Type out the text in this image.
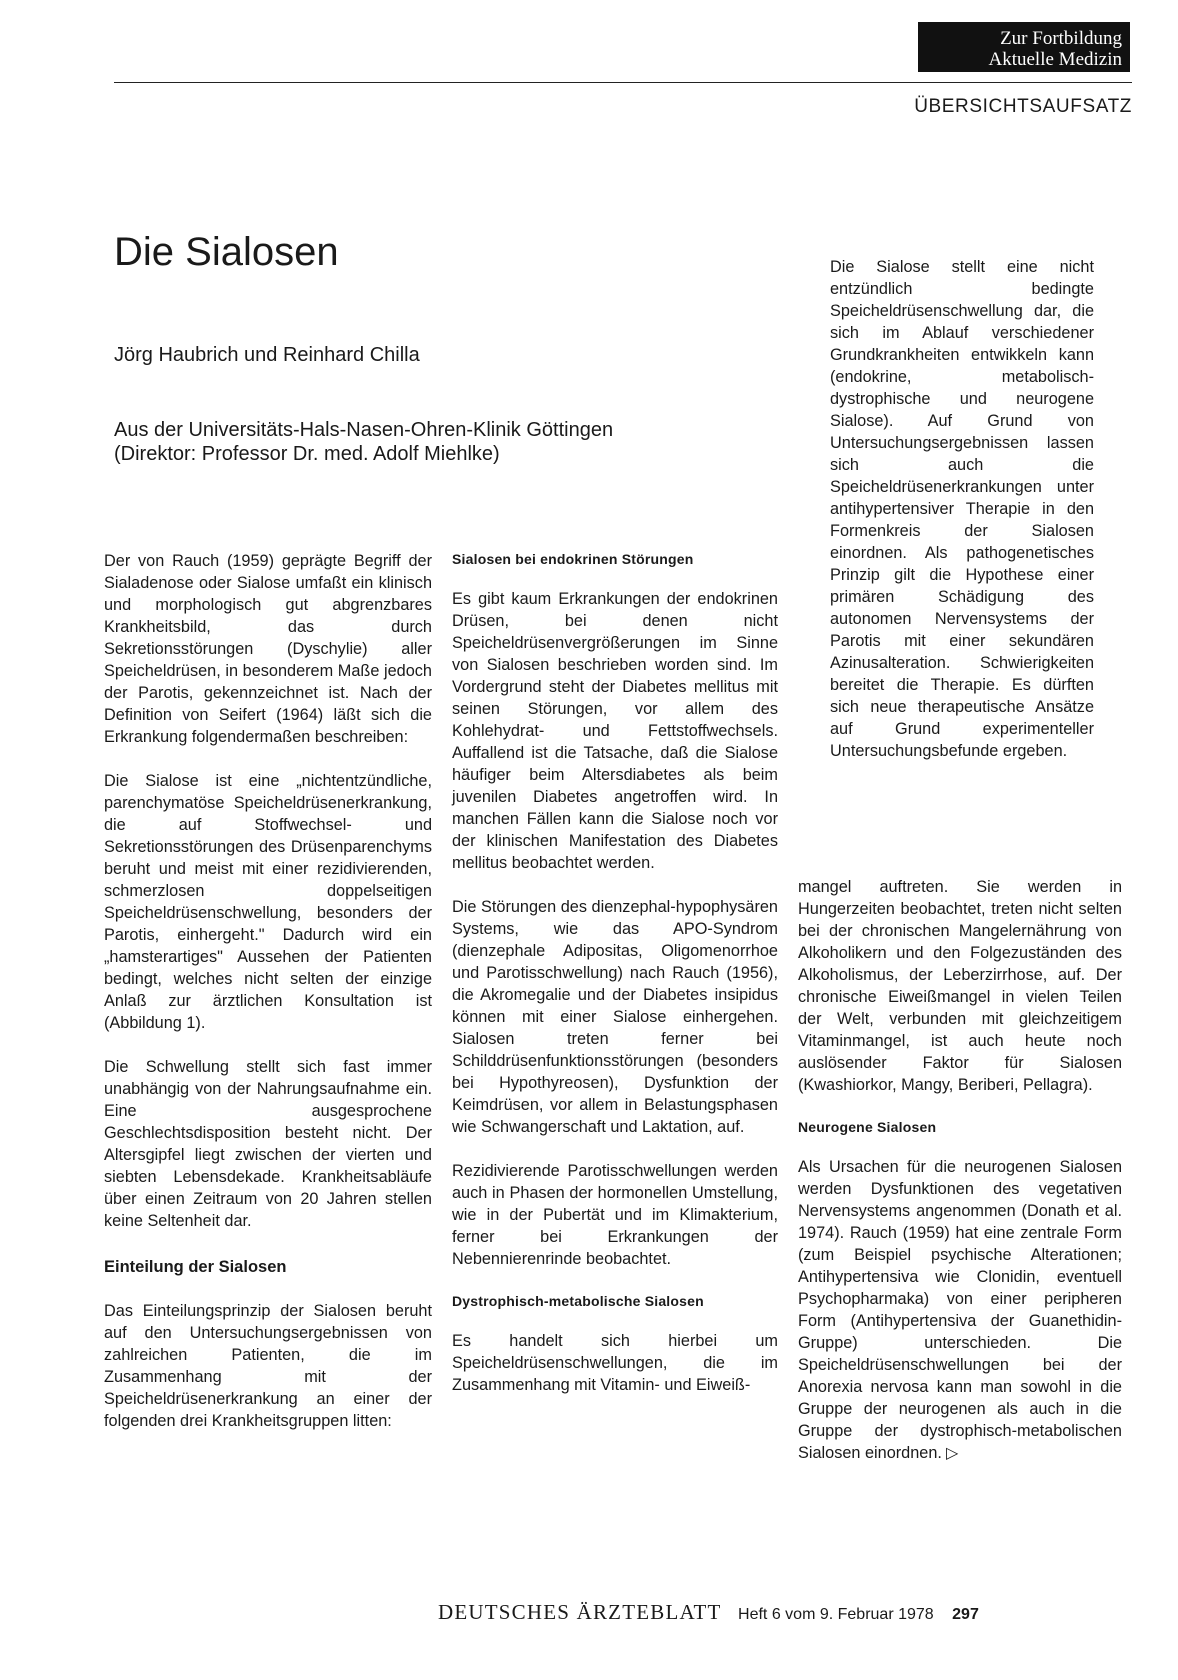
Zur Fortbildung
Aktuelle Medizin
ÜBERSICHTSAUFSATZ
Die Sialosen
Jörg Haubrich und Reinhard Chilla
Aus der Universitäts-Hals-Nasen-Ohren-Klinik Göttingen
(Direktor: Professor Dr. med. Adolf Miehlke)

Die Sialose stellt eine nicht entzündlich bedingte Speicheldrüsenschwellung dar, die sich im Ablauf verschiedener Grundkrankheiten entwikkeln kann (endokrine, metabolisch-dystrophische und neurogene Sialose). Auf Grund von Untersuchungsergebnissen lassen sich auch die Speicheldrüsenerkrankungen unter antihypertensiver Therapie in den Formenkreis der Sialosen einordnen. Als pathogenetisches Prinzip gilt die Hypothese einer primären Schädigung des autonomen Nervensystems der Parotis mit einer sekundären Azinusalteration. Schwierigkeiten bereitet die Therapie. Es dürften sich neue therapeutische Ansätze auf Grund experimenteller Untersuchungsbefunde ergeben.

Der von Rauch (1959) geprägte Begriff der Sialadenose oder Sialose umfaßt ein klinisch und morphologisch gut abgrenzbares Krankheitsbild, das durch Sekretionsstörungen (Dyschylie) aller Speicheldrüsen, in besonderem Maße jedoch der Parotis, gekennzeichnet ist. Nach der Definition von Seifert (1964) läßt sich die Erkrankung folgendermaßen beschreiben:

Die Sialose ist eine „nichtentzündliche, parenchymatöse Speicheldrüsenerkrankung, die auf Stoffwechsel- und Sekretionsstörungen des Drüsenparenchyms beruht und meist mit einer rezidivierenden, schmerzlosen doppelseitigen Speicheldrüsenschwellung, besonders der Parotis, einhergeht." Dadurch wird ein „hamsterartiges" Aussehen der Patienten bedingt, welches nicht selten der einzige Anlaß zur ärztlichen Konsultation ist (Abbildung 1).

Die Schwellung stellt sich fast immer unabhängig von der Nahrungsaufnahme ein. Eine ausgesprochene Geschlechtsdisposition besteht nicht. Der Altersgipfel liegt zwischen der vierten und siebten Lebensdekade. Krankheitsabläufe über einen Zeitraum von 20 Jahren stellen keine Seltenheit dar.

Einteilung der Sialosen

Das Einteilungsprinzip der Sialosen beruht auf den Untersuchungsergebnissen von zahlreichen Patienten, die im Zusammenhang mit der Speicheldrüsenerkrankung an einer der folgenden drei Krankheitsgruppen litten:

Sialosen bei endokrinen Störungen

Es gibt kaum Erkrankungen der endokrinen Drüsen, bei denen nicht Speicheldrüsenvergrößerungen im Sinne von Sialosen beschrieben worden sind. Im Vordergrund steht der Diabetes mellitus mit seinen Störungen, vor allem des Kohlehydrat- und Fettstoffwechsels. Auffallend ist die Tatsache, daß die Sialose häufiger beim Altersdiabetes als beim juvenilen Diabetes angetroffen wird. In manchen Fällen kann die Sialose noch vor der klinischen Manifestation des Diabetes mellitus beobachtet werden.

Die Störungen des dienzephal-hypophysären Systems, wie das APO-Syndrom (dienzephale Adipositas, Oligomenorrhoe und Parotisschwellung) nach Rauch (1956), die Akromegalie und der Diabetes insipidus können mit einer Sialose einhergehen. Sialosen treten ferner bei Schilddrüsenfunktionsstörungen (besonders bei Hypothyreosen), Dysfunktion der Keimdrüsen, vor allem in Belastungsphasen wie Schwangerschaft und Laktation, auf.

Rezidivierende Parotisschwellungen werden auch in Phasen der hormonellen Umstellung, wie in der Pubertät und im Klimakterium, ferner bei Erkrankungen der Nebennierenrinde beobachtet.

Dystrophisch-metabolische Sialosen

Es handelt sich hierbei um Speicheldrüsenschwellungen, die im Zusammenhang mit Vitamin- und Eiweiß-

mangel auftreten. Sie werden in Hungerzeiten beobachtet, treten nicht selten bei der chronischen Mangelernährung von Alkoholikern und den Folgezuständen des Alkoholismus, der Leberzirrhose, auf. Der chronische Eiweißmangel in vielen Teilen der Welt, verbunden mit gleichzeitigem Vitaminmangel, ist auch heute noch auslösender Faktor für Sialosen (Kwashiorkor, Mangy, Beriberi, Pellagra).

Neurogene Sialosen

Als Ursachen für die neurogenen Sialosen werden Dysfunktionen des vegetativen Nervensystems angenommen (Donath et al. 1974). Rauch (1959) hat eine zentrale Form (zum Beispiel psychische Alterationen; Antihypertensiva wie Clonidin, eventuell Psychopharmaka) von einer peripheren Form (Antihypertensiva der Guanethidin-Gruppe) unterschieden. Die Speicheldrüsenschwellungen bei der Anorexia nervosa kann man sowohl in die Gruppe der neurogenen als auch in die Gruppe der dystrophisch-metabolischen Sialosen einordnen. ▷

DEUTSCHES ÄRZTEBLATT Heft 6 vom 9. Februar 1978 297
